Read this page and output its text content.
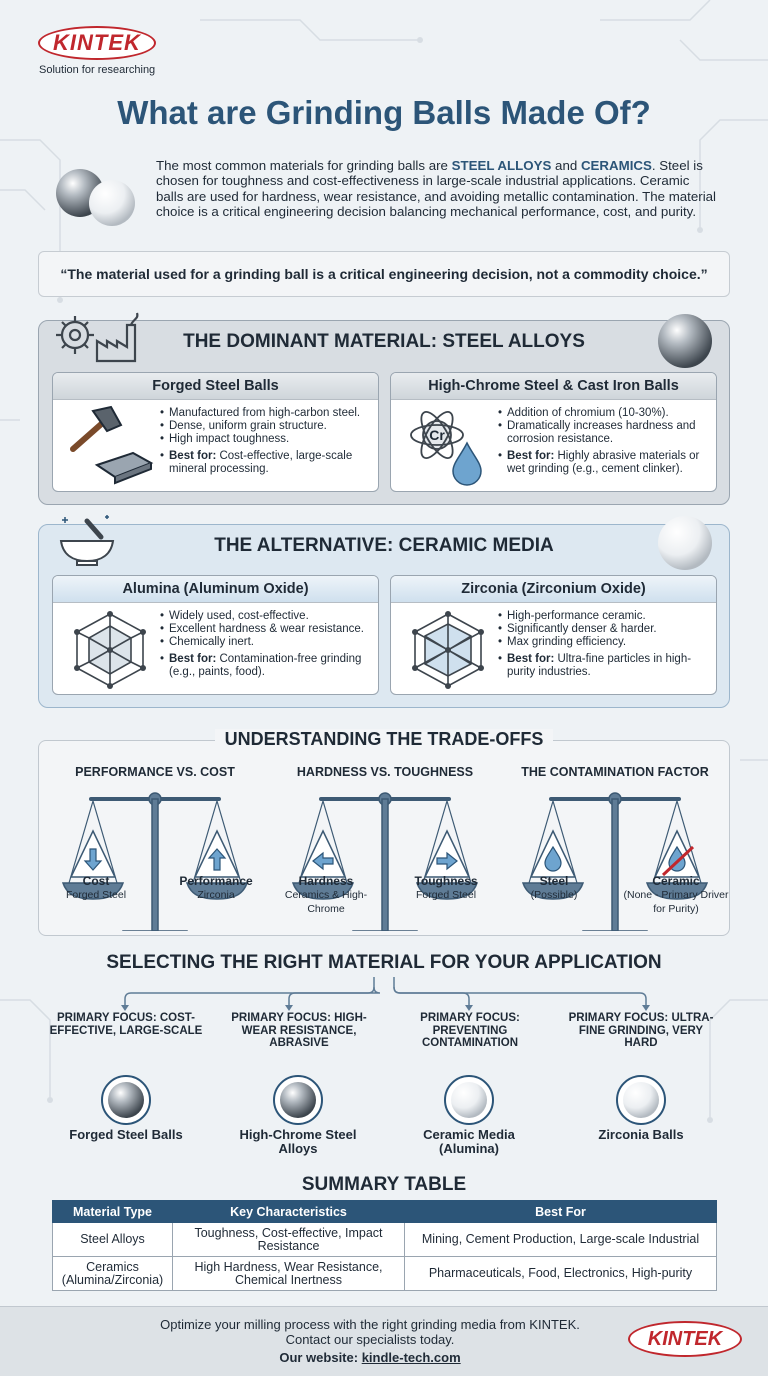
KINTEK
Solution for researching
What are Grinding Balls Made Of?
The most common materials for grinding balls are STEEL ALLOYS and CERAMICS. Steel is chosen for toughness and cost-effectiveness in large-scale industrial applications. Ceramic balls are used for hardness, wear resistance, and avoiding metallic contamination. The material choice is a critical engineering decision balancing mechanical performance, cost, and purity.
“The material used for a grinding ball is a critical engineering decision, not a commodity choice.”
THE DOMINANT MATERIAL: STEEL ALLOYS
Forged Steel Balls
• Manufactured from high-carbon steel.
• Dense, uniform grain structure.
• High impact toughness.
• Best for: Cost-effective, large-scale mineral processing.
High-Chrome Steel & Cast Iron Balls
Cr
• Addition of chromium (10-30%).
• Dramatically increases hardness and corrosion resistance.
• Best for: Highly abrasive materials or wet grinding (e.g., cement clinker).
THE ALTERNATIVE: CERAMIC MEDIA
Alumina (Aluminum Oxide)
• Widely used, cost-effective.
• Excellent hardness & wear resistance.
• Chemically inert.
• Best for: Contamination-free grinding (e.g., paints, food).
Zirconia (Zirconium Oxide)
• High-performance ceramic.
• Significantly denser & harder.
• Max grinding efficiency.
• Best for: Ultra-fine particles in high-purity industries.
UNDERSTANDING THE TRADE-OFFS
PERFORMANCE VS. COST	HARDNESS VS. TOUGHNESS	THE CONTAMINATION FACTOR
Cost
Forged Steel
Performance
Zirconia
Hardness
Ceramics & High-Chrome
Toughness
Forged Steel
Steel
(Possible)
Ceramic
(None - Primary Driver for Purity)
SELECTING THE RIGHT MATERIAL FOR YOUR APPLICATION
PRIMARY FOCUS: COST-EFFECTIVE, LARGE-SCALE
PRIMARY FOCUS: HIGH-WEAR RESISTANCE, ABRASIVE
PRIMARY FOCUS: PREVENTING CONTAMINATION
PRIMARY FOCUS: ULTRA-FINE GRINDING, VERY HARD
Forged Steel Balls	High-Chrome Steel Alloys
Ceramic Media (Alumina)
Zirconia Balls
SUMMARY TABLE
Material Type	Key Characteristics	Best For
Steel Alloys	Toughness, Cost-effective, Impact Resistance	Mining, Cement Production, Large-scale Industrial
Ceramics (Alumina/Zirconia)	High Hardness, Wear Resistance, Chemical Inertness	Pharmaceuticals, Food, Electronics, High-purity
Optimize your milling process with the right grinding media from KINTEK.
Contact our specialists today.
Our website: kindle-tech.com
KINTEK
